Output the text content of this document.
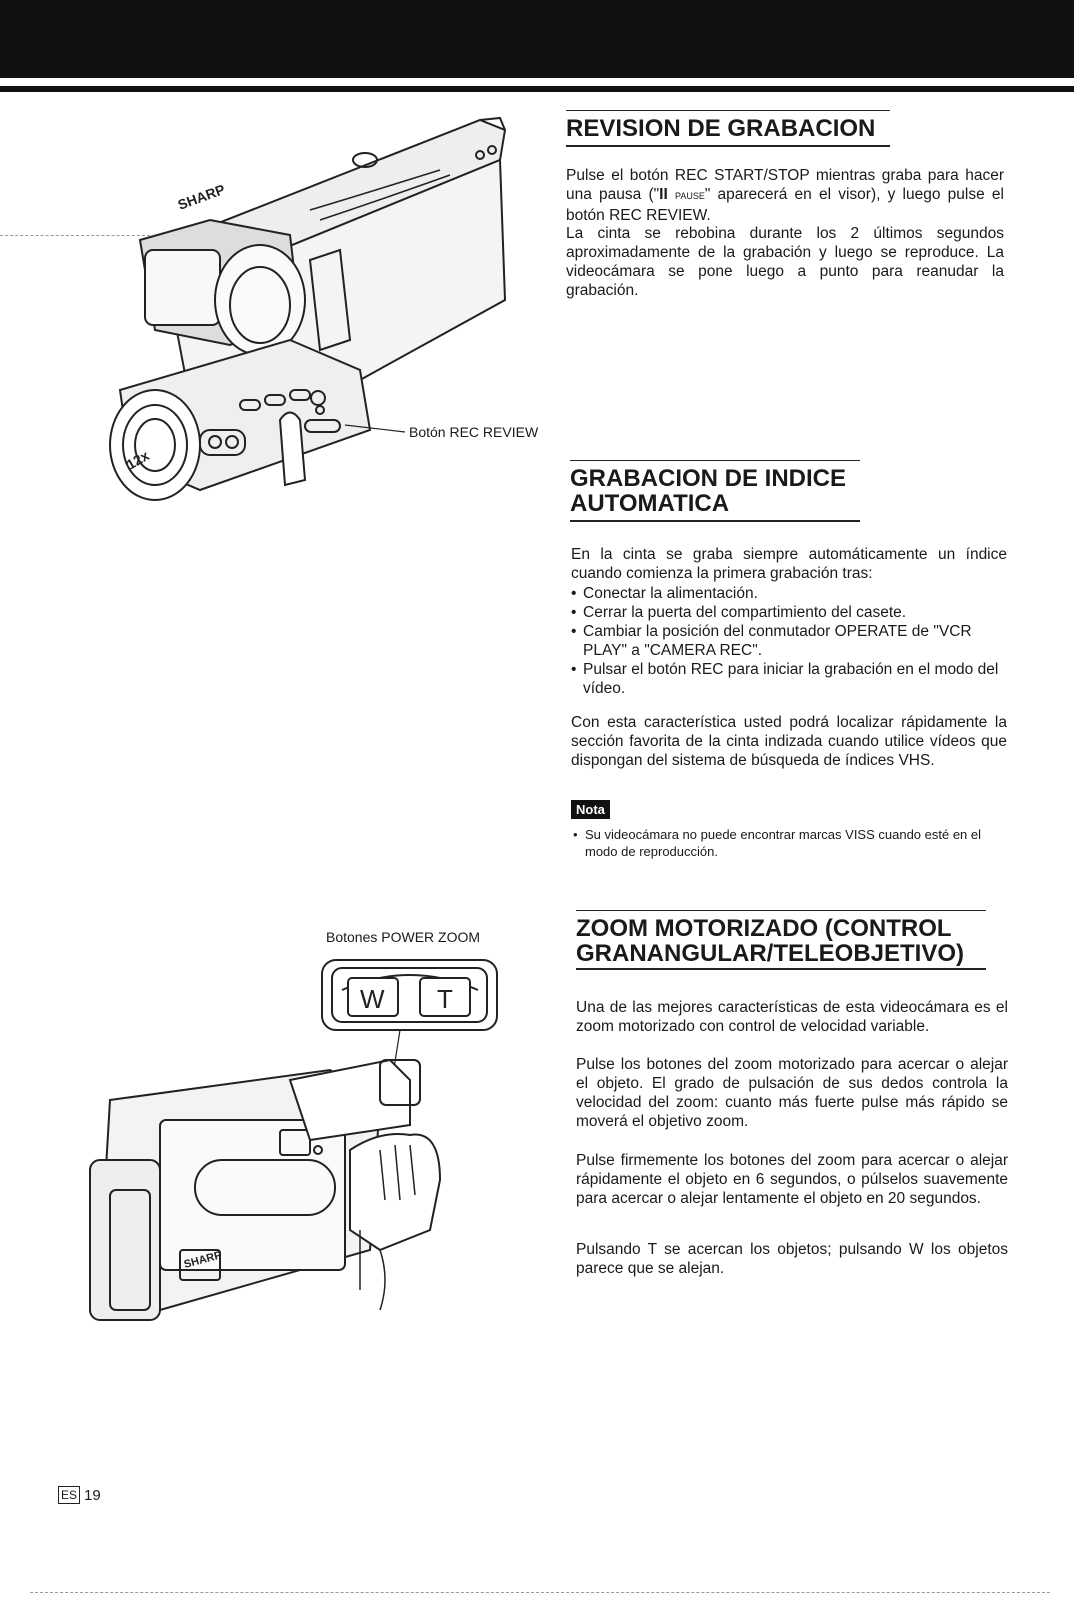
SHARP
12x

Botón REC REVIEW

REVISION DE GRABACION

Pulse el botón REC START/STOP mientras graba para hacer una pausa ("II PAUSE" aparecerá en el visor), y luego pulse el botón REC REVIEW.

La cinta se rebobina durante los 2 últimos segundos aproximadamente de la grabación y luego se reproduce. La videocámara se pone luego a punto para reanudar la grabación.

GRABACION DE INDICE
AUTOMATICA

En la cinta se graba siempre automáticamente un índice cuando comienza la primera grabación tras:

• Conectar la alimentación.
• Cerrar la puerta del compartimiento del casete.
• Cambiar la posición del conmutador OPERATE de "VCR PLAY" a "CAMERA REC".
• Pulsar el botón REC para iniciar la grabación en el modo del vídeo.

Con esta característica usted podrá localizar rápidamente la sección favorita de la cinta indizada cuando utilice vídeos que dispongan del sistema de búsqueda de índices VHS.

Nota

• Su videocámara no puede encontrar marcas VISS cuando esté en el modo de reproducción.

ZOOM MOTORIZADO (CONTROL
GRANANGULAR/TELEOBJETIVO)

Una de las mejores características de esta videocámara es el zoom motorizado con control de velocidad variable.

Pulse los botones del zoom motorizado para acercar o alejar el objeto. El grado de pulsación de sus dedos controla la velocidad del zoom: cuanto más fuerte pulse más rápido se moverá el objetivo zoom.

Pulse firmemente los botones del zoom para acercar o alejar rápidamente el objeto en 6 segundos, o púlselos suavemente para acercar o alejar lentamente el objeto en 20 segundos.

Pulsando T se acercan los objetos; pulsando W los objetos parece que se alejan.

Botones POWER ZOOM

W T
SHARP
ES 19
